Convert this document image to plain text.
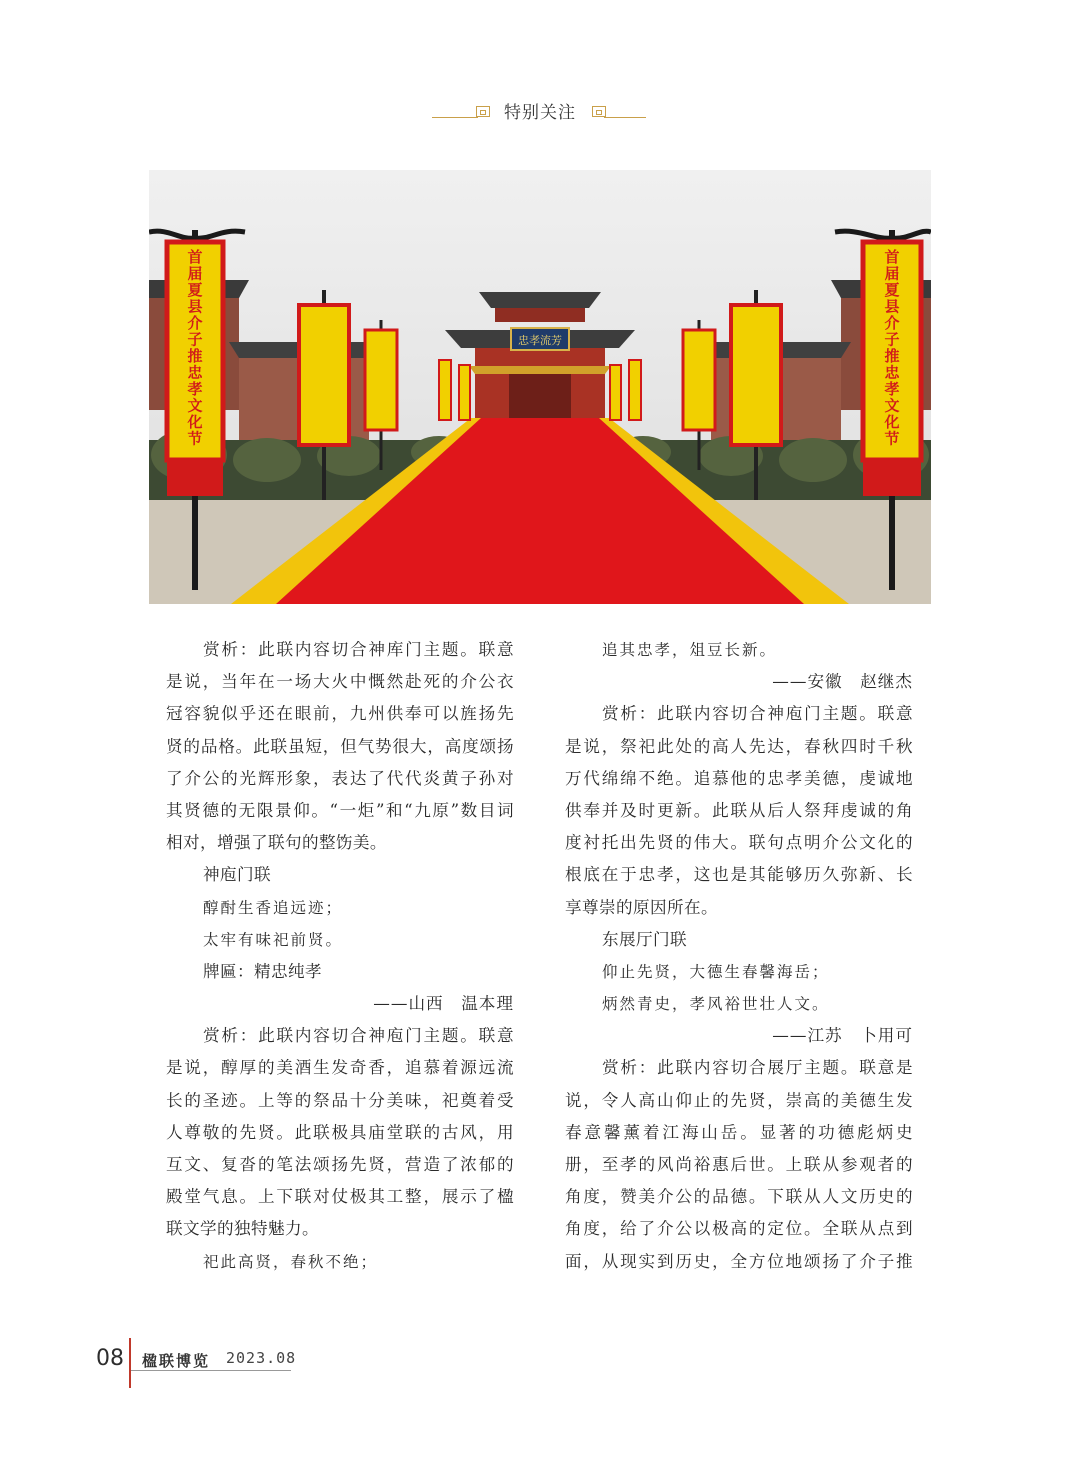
特别关注
忠孝流芳
首届夏县介子推忠孝文化节
首届夏县介子推忠孝文化节
赏析：此联内容切合神库门主题。联意
是说，当年在一场大火中慨然赴死的介公衣
冠容貌似乎还在眼前，九州供奉可以旌扬先
贤的品格。此联虽短，但气势很大，高度颂扬
了介公的光辉形象，表达了代代炎黄子孙对
其贤德的无限景仰。“一炬”和“九原”数目词
相对，增强了联句的整饬美。
神庖门联
醇酎生香追远迹；
太牢有味祀前贤。
牌匾：精忠纯孝
——山西　温本理
赏析：此联内容切合神庖门主题。联意
是说，醇厚的美酒生发奇香，追慕着源远流
长的圣迹。上等的祭品十分美味，祀奠着受
人尊敬的先贤。此联极具庙堂联的古风，用
互文、复沓的笔法颂扬先贤，营造了浓郁的
殿堂气息。上下联对仗极其工整，展示了楹
联文学的独特魅力。
祀此高贤，春秋不绝；
追其忠孝，俎豆长新。
——安徽　赵继杰
赏析：此联内容切合神庖门主题。联意
是说，祭祀此处的高人先达，春秋四时千秋
万代绵绵不绝。追慕他的忠孝美德，虔诚地
供奉并及时更新。此联从后人祭拜虔诚的角
度衬托出先贤的伟大。联句点明介公文化的
根底在于忠孝，这也是其能够历久弥新、长
享尊崇的原因所在。
东展厅门联
仰止先贤，大德生春馨海岳；
炳然青史，孝风裕世壮人文。
——江苏　卜用可
赏析：此联内容切合展厅主题。联意是
说，令人高山仰止的先贤，崇高的美德生发
春意馨薰着江海山岳。显著的功德彪炳史
册，至孝的风尚裕惠后世。上联从参观者的
角度，赞美介公的品德。下联从人文历史的
角度，给了介公以极高的定位。全联从点到
面，从现实到历史，全方位地颂扬了介子推
08 楹联博览 2023.08
